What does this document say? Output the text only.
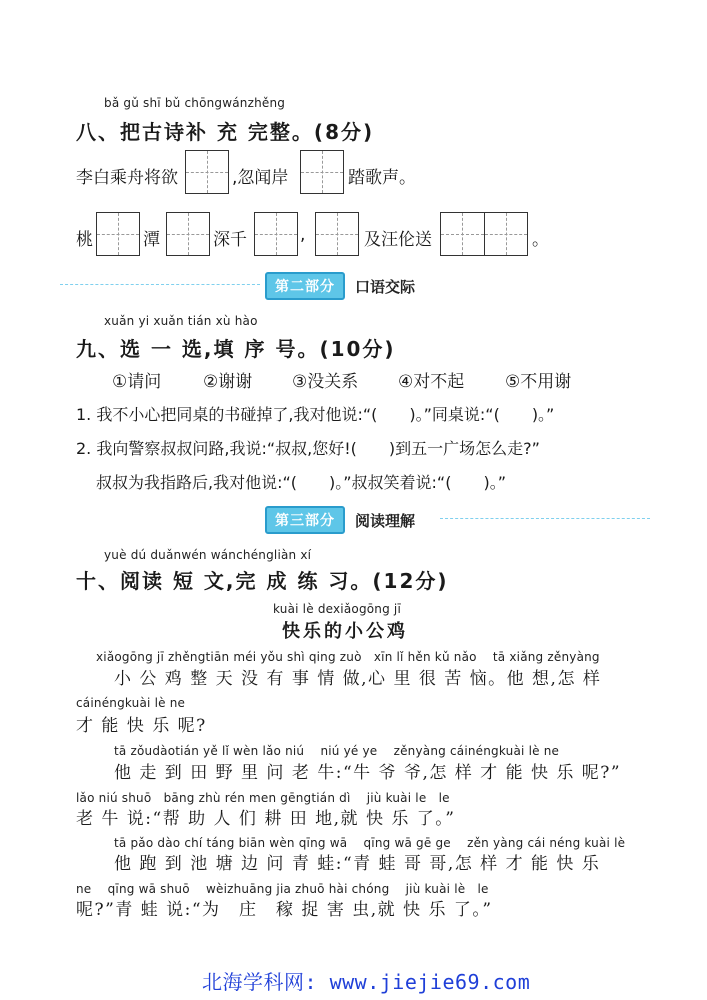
bǎ gǔ shī bǔ chōngwánzhěng
八、把古诗补 充 完整。(8分)
李白乘舟将欲	,忽闻岸	踏歌声。
桃	潭	深千	,	及汪伦送	。
第二部分	口语交际
xuǎn yi xuǎn tián xù hào
九、选 一 选,填 序 号。(10分)
①请问 ②谢谢 ③没关系 ④对不起 ⑤不用谢
1. 我不小心把同桌的书碰掉了,我对他说:“(　　)。”同桌说:“(　　)。”
2. 我向警察叔叔问路,我说:“叔叔,您好!(　　)到五一广场怎么走?”
叔叔为我指路后,我对他说:“(　　)。”叔叔笑着说:“(　　)。”
第三部分	阅读理解
yuè dú duǎnwén wánchéngliàn xí
十、阅读 短 文,完 成 练 习。(12分)
kuài lè dexiǎogōng jī
快乐的小公鸡
xiǎogōng jī zhěngtiān méi yǒu shì qing zuò　xīn lǐ hěn kǔ nǎo　 tā xiǎng zěnyàng
小 公 鸡 整 天 没 有 事 情 做,心 里 很 苦 恼。他 想,怎 样
cáinéngkuài lè ne
才 能 快 乐 呢?
tā zǒudàotián yě lǐ wèn lǎo niú　 niú yé ye　 zěnyàng cáinéngkuài lè ne
他 走 到 田 野 里 问 老 牛:“牛 爷 爷,怎 样 才 能 快 乐 呢?”
lǎo niú shuō　bāng zhù rén men gēngtián dì　 jiù kuài le　le
老 牛 说:“帮 助 人 们 耕 田 地,就 快 乐 了。”
tā pǎo dào chí táng biān wèn qīng wā　 qīng wā gē ge　 zěn yàng cái néng kuài lè
他 跑 到 池 塘 边 问 青 蛙:“青 蛙 哥 哥,怎 样 才 能 快 乐
ne　 qīng wā shuō　 wèizhuāng jia zhuō hài chóng　 jiù kuài lè　le
呢?”青 蛙 说:“为　庄　稼 捉 害 虫,就 快 乐 了。”
北海学科网: www.jiejie69.com
